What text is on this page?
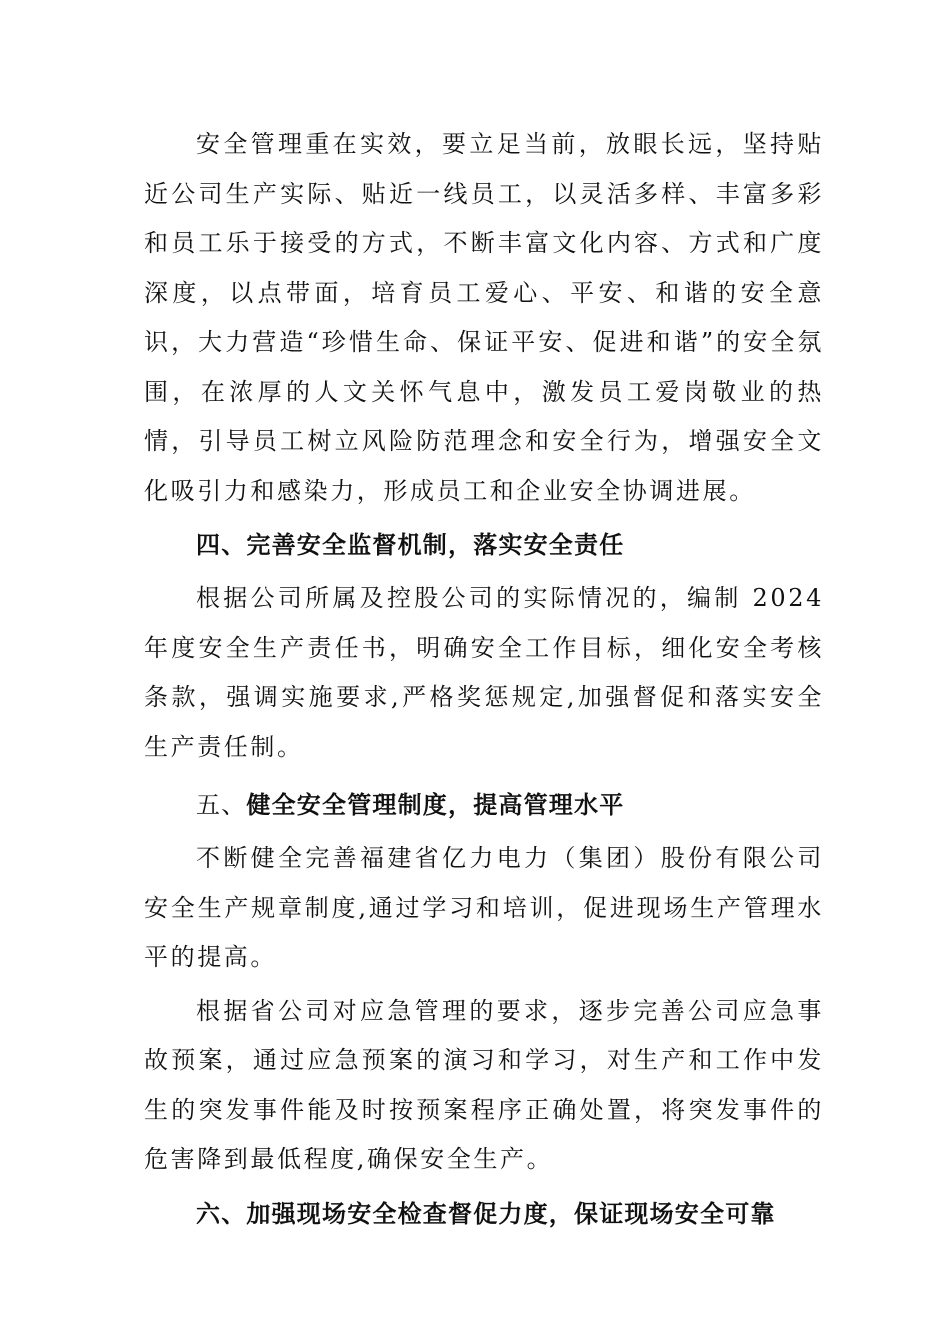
安全管理重在实效，要立足当前，放眼长远，坚持贴近公司生产实际、贴近一线员工，以灵活多样、丰富多彩和员工乐于接受的方式，不断丰富文化内容、方式和广度深度，以点带面，培育员工爱心、平安、和谐的安全意识，大力营造“珍惜生命、保证平安、促进和谐”的安全氛围，在浓厚的人文关怀气息中，激发员工爱岗敬业的热情，引导员工树立风险防范理念和安全行为，增强安全文化吸引力和感染力，形成员工和企业安全协调进展。

四、完善安全监督机制，落实安全责任

根据公司所属及控股公司的实际情况的，编制 2024 年度安全生产责任书，明确安全工作目标，细化安全考核条款，强调实施要求,严格奖惩规定,加强督促和落实安全生产责任制。

五、健全安全管理制度，提高管理水平

不断健全完善福建省亿力电力（集团）股份有限公司安全生产规章制度,通过学习和培训，促进现场生产管理水平的提高。

根据省公司对应急管理的要求，逐步完善公司应急事故预案，通过应急预案的演习和学习，对生产和工作中发生的突发事件能及时按预案程序正确处置，将突发事件的危害降到最低程度,确保安全生产。

六、加强现场安全检查督促力度，保证现场安全可靠
